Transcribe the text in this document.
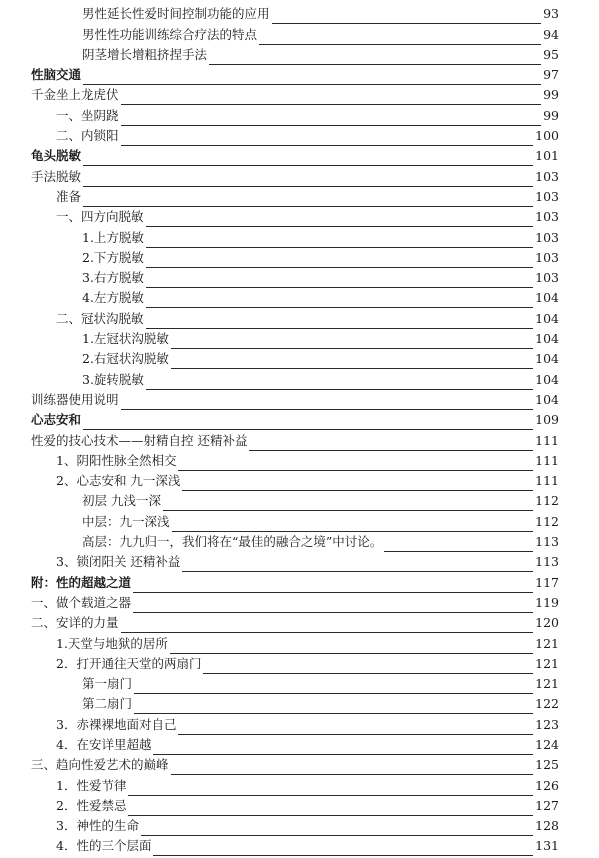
男性延长性爱时间控制功能的应用	93
男性性功能训练综合疗法的特点	94
阴茎增长增粗挤捏手法	95
性脑交通	97
千金坐上龙虎伏	99
一、坐阴跷	99
二、内锁阳	100
龟头脱敏	101
手法脱敏	103
准备	103
一、四方向脱敏	103
1.上方脱敏	103
2.下方脱敏	103
3.右方脱敏	103
4.左方脱敏	104
二、冠状沟脱敏	104
1.左冠状沟脱敏	104
2.右冠状沟脱敏	104
3.旋转脱敏	104
训练器使用说明	104
心志安和	109
性爱的技心技术——射精自控 还精补益	111
1、阴阳性脉全然相交	111
2、心志安和 九一深浅	111
初层 九浅一深	112
中层：九一深浅	112
高层：九九归一，我们将在“最佳的融合之境”中讨论。	113
3、锁闭阳关 还精补益	113
附：性的超越之道	117
一、做个载道之器	119
二、安详的力量	120
1.天堂与地狱的居所	121
2．打开通往天堂的两扇门	121
第一扇门	121
第二扇门	122
3．赤裸裸地面对自己	123
4．在安详里超越	124
三、趋向性爱艺术的巅峰	125
1．性爱节律	126
2．性爱禁忌	127
3．神性的生命	128
4．性的三个层面	131
